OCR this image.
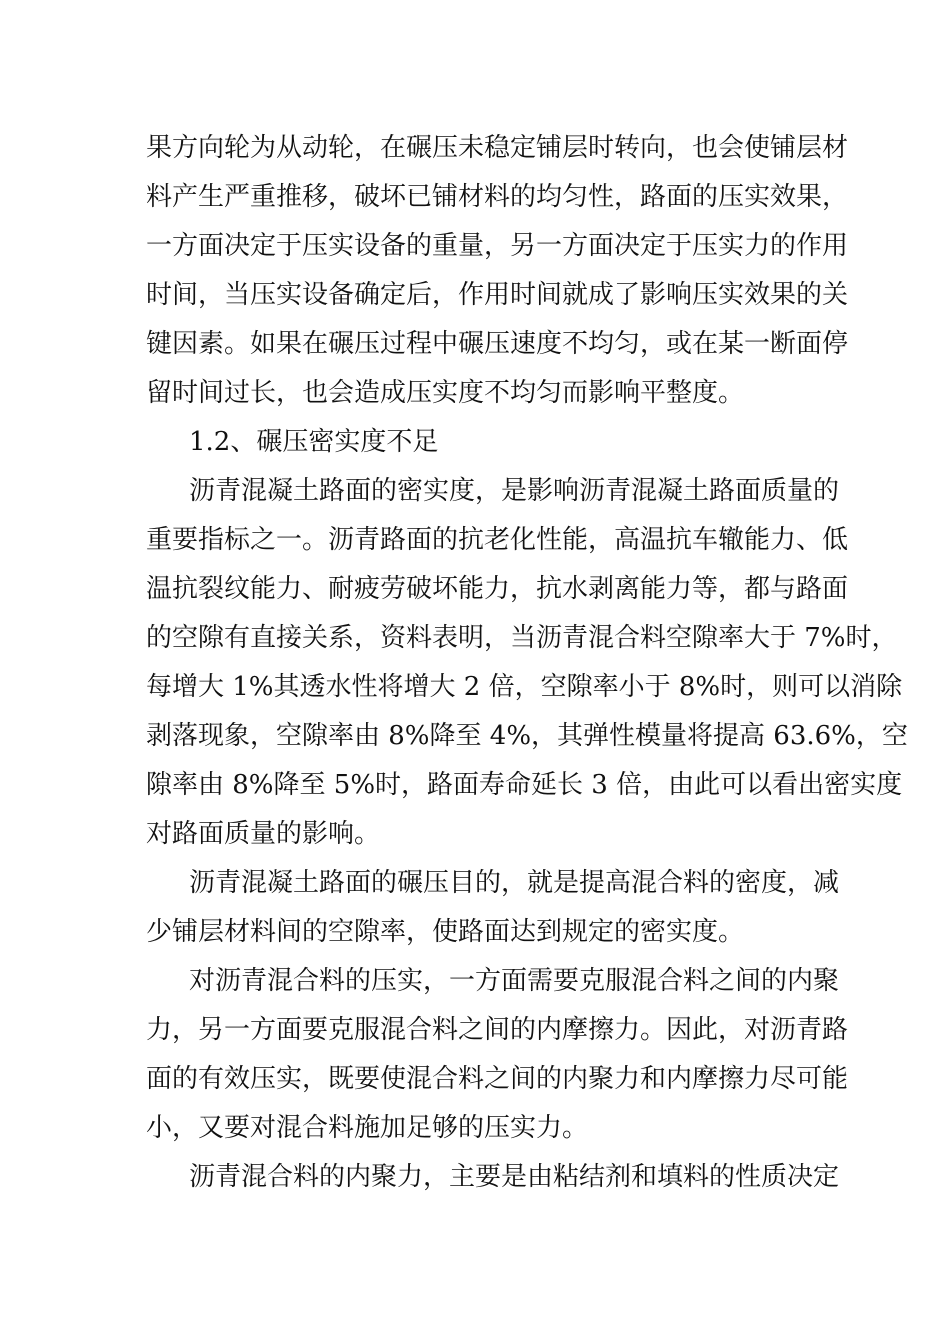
果方向轮为从动轮，在碾压未稳定铺层时转向，也会使铺层材
料产生严重推移，破坏已铺材料的均匀性，路面的压实效果，
一方面决定于压实设备的重量，另一方面决定于压实力的作用
时间，当压实设备确定后，作用时间就成了影响压实效果的关
键因素。如果在碾压过程中碾压速度不均匀，或在某一断面停
留时间过长，也会造成压实度不均匀而影响平整度。
1.2、碾压密实度不足
沥青混凝土路面的密实度，是影响沥青混凝土路面质量的
重要指标之一。沥青路面的抗老化性能，高温抗车辙能力、低
温抗裂纹能力、耐疲劳破坏能力，抗水剥离能力等，都与路面
的空隙有直接关系，资料表明，当沥青混合料空隙率大于 7%时，
每增大 1%其透水性将增大 2 倍，空隙率小于 8%时，则可以消除
剥落现象，空隙率由 8%降至 4%，其弹性模量将提高 63.6%，空
隙率由 8%降至 5%时，路面寿命延长 3 倍，由此可以看出密实度
对路面质量的影响。
沥青混凝土路面的碾压目的，就是提高混合料的密度，减
少铺层材料间的空隙率，使路面达到规定的密实度。
对沥青混合料的压实，一方面需要克服混合料之间的内聚
力，另一方面要克服混合料之间的内摩擦力。因此，对沥青路
面的有效压实，既要使混合料之间的内聚力和内摩擦力尽可能
小，又要对混合料施加足够的压实力。
沥青混合料的内聚力，主要是由粘结剂和填料的性质决定
